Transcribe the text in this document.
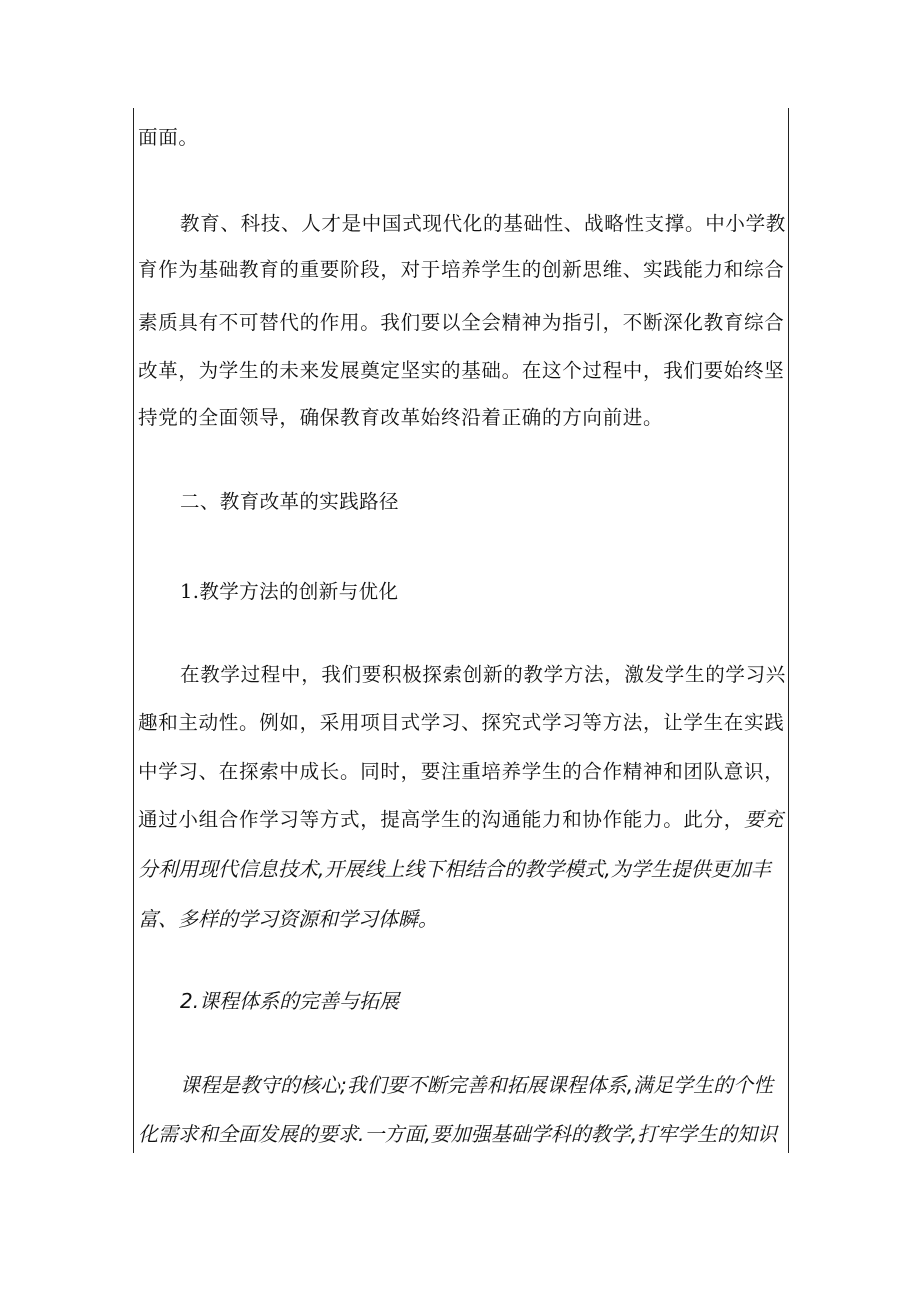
面面。
教育、科技、人才是中国式现代化的基础性、战略性支撑。中小学教
育作为基础教育的重要阶段，对于培养学生的创新思维、实践能力和综合
素质具有不可替代的作用。我们要以全会精神为指引，不断深化教育综合
改革，为学生的未来发展奠定坚实的基础。在这个过程中，我们要始终坚
持党的全面领导，确保教育改革始终沿着正确的方向前进。
二、教育改革的实践路径
1.教学方法的创新与优化
在教学过程中，我们要积极探索创新的教学方法，激发学生的学习兴
趣和主动性。例如，采用项目式学习、探究式学习等方法，让学生在实践
中学习、在探索中成长。同时，要注重培养学生的合作精神和团队意识，
通过小组合作学习等方式，提高学生的沟通能力和协作能力。此分，要充
分利用现代信息技术,开展线上线下相结合的教学模式,为学生提供更加丰
富、多样的学习资源和学习体瞬。
2.课程体系的完善与拓展
课程是教守的核心;我们要不断完善和拓展课程体系,满足学生的个性
化需求和全面发展的要求.一方面,要加强基础学科的教学,打牢学生的知识
